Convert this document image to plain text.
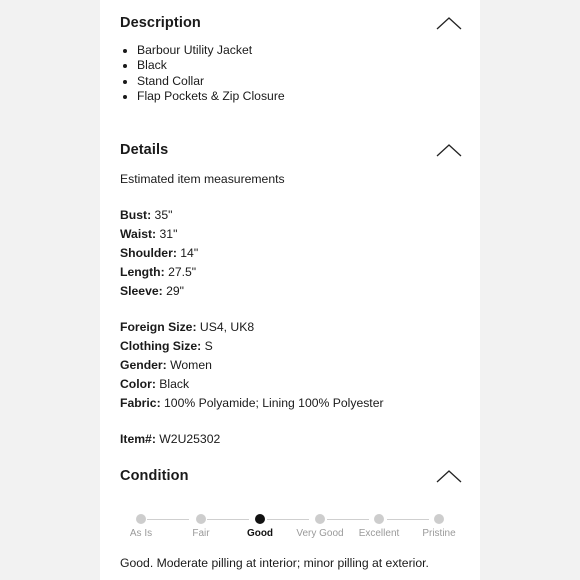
Description
• Barbour Utility Jacket
• Black
• Stand Collar
• Flap Pockets & Zip Closure
Details
Estimated item measurements
Bust: 35"
Waist: 31"
Shoulder: 14"
Length: 27.5"
Sleeve: 29"
Foreign Size: US4, UK8
Clothing Size: S
Gender: Women
Color: Black
Fabric: 100% Polyamide; Lining 100% Polyester
Item#: W2U25302
Condition
As Is	Fair	Good	Very Good	Excellent	Pristine
Good. Moderate pilling at interior; minor pilling at exterior.
